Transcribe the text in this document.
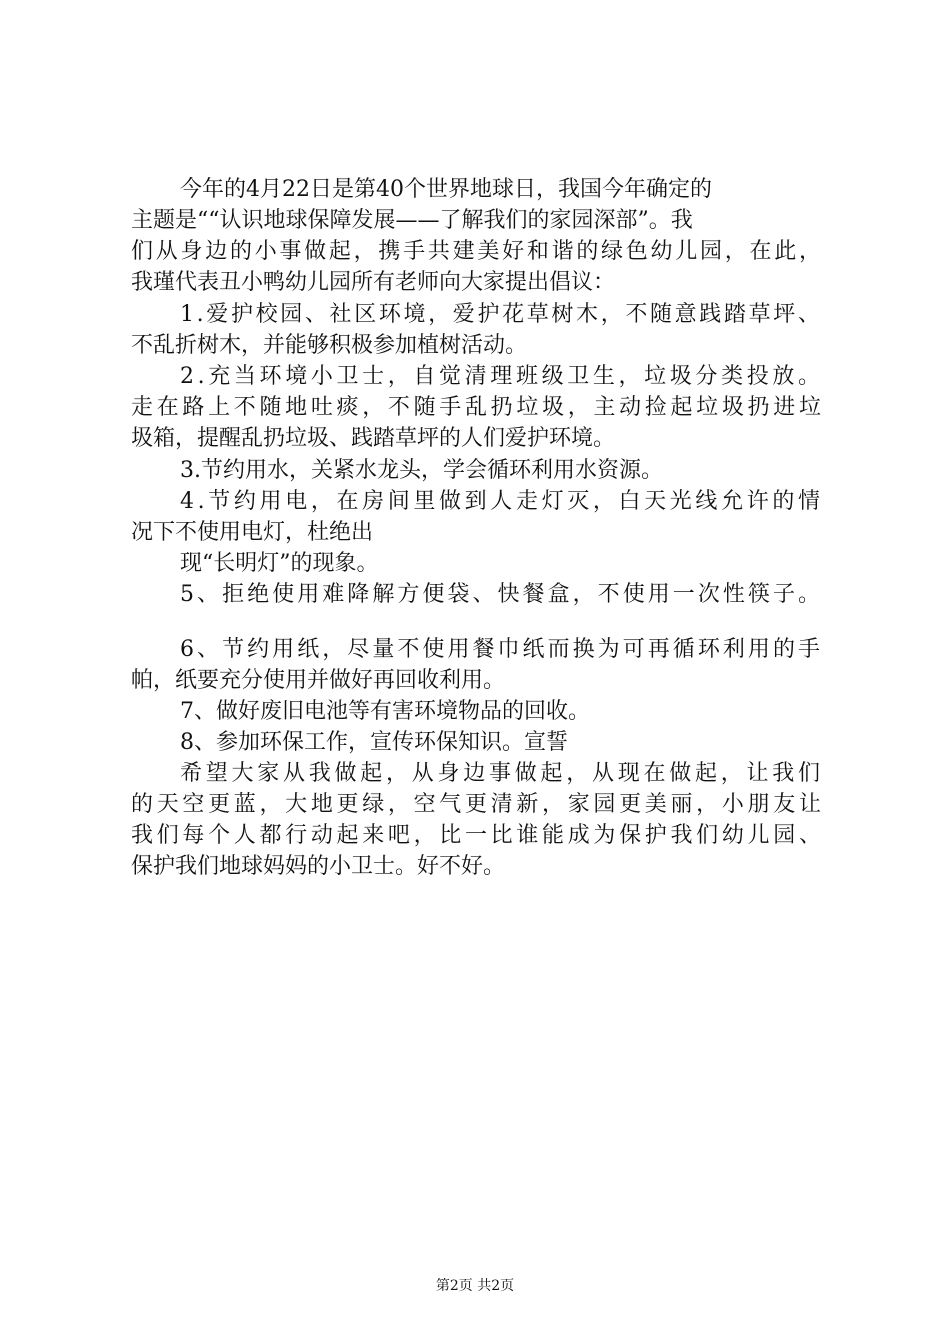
今年的4月22日是第40个世界地球日，我国今年确定的
主题是““认识地球保障发展——了解我们的家园深部”。我
们从身边的小事做起，携手共建美好和谐的绿色幼儿园，在此，
我瑾代表丑小鸭幼儿园所有老师向大家提出倡议：
1.爱护校园、社区环境，爱护花草树木，不随意践踏草坪、
不乱折树木，并能够积极参加植树活动。
2.充当环境小卫士，自觉清理班级卫生，垃圾分类投放。
走在路上不随地吐痰，不随手乱扔垃圾，主动捡起垃圾扔进垃
圾箱，提醒乱扔垃圾、践踏草坪的人们爱护环境。
3.节约用水，关紧水龙头，学会循环利用水资源。
4.节约用电，在房间里做到人走灯灭，白天光线允许的情
况下不使用电灯，杜绝出
现“长明灯”的现象。
5、拒绝使用难降解方便袋、快餐盒，不使用一次性筷子。
6、节约用纸，尽量不使用餐巾纸而换为可再循环利用的手
帕，纸要充分使用并做好再回收利用。
7、做好废旧电池等有害环境物品的回收。
8、参加环保工作，宣传环保知识。宣誓
希望大家从我做起，从身边事做起，从现在做起，让我们
的天空更蓝，大地更绿，空气更清新，家园更美丽，小朋友让
我们每个人都行动起来吧，比一比谁能成为保护我们幼儿园、
保护我们地球妈妈的小卫士。好不好。
第2页 共2页
